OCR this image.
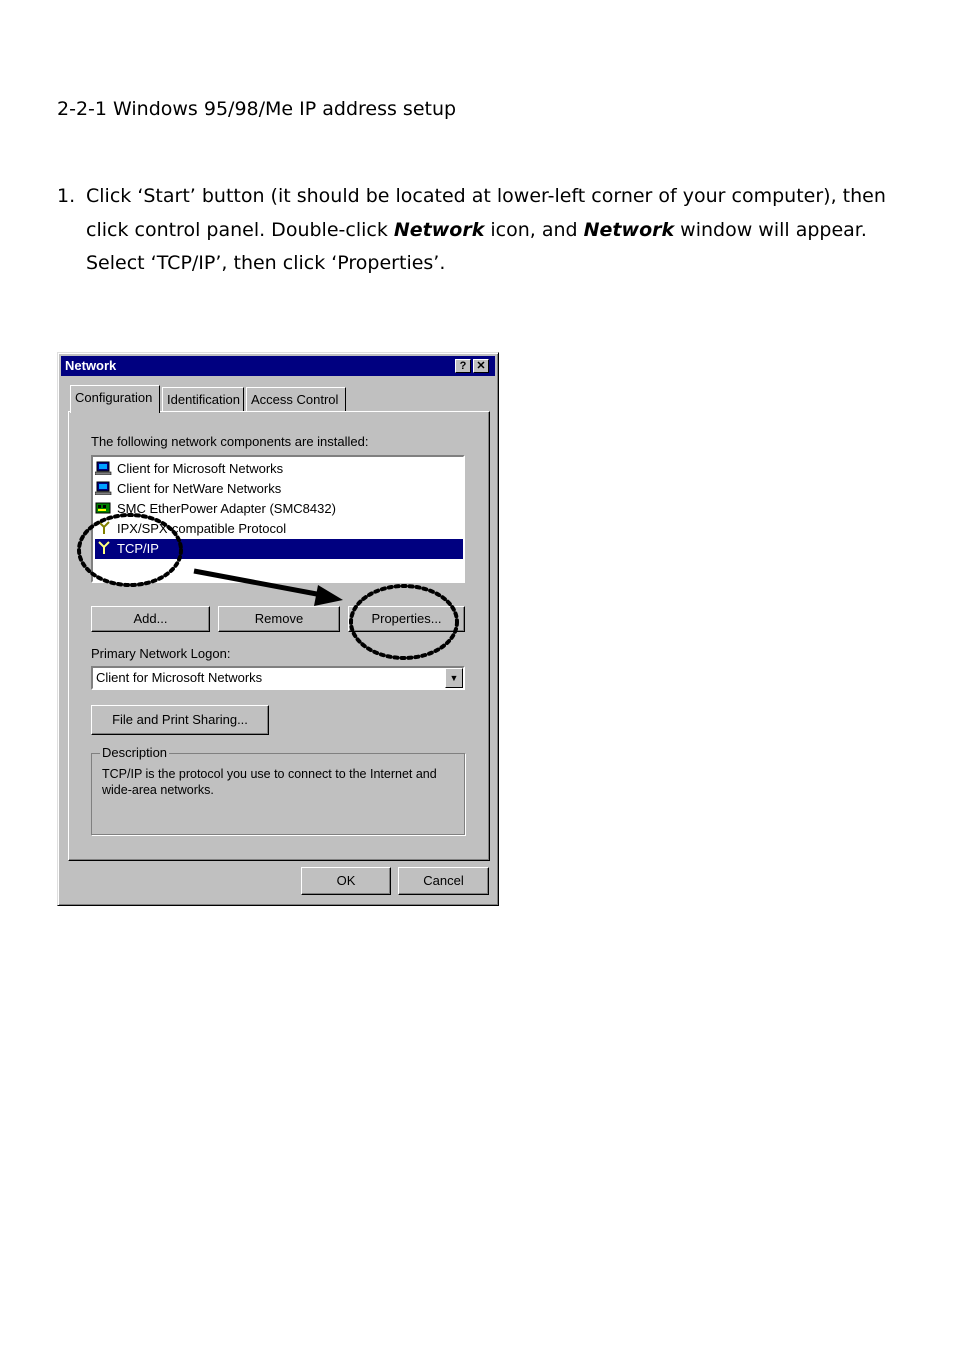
2-2-1 Windows 95/98/Me IP address setup
1. Click ‘Start’ button (it should be located at lower-left corner of your computer), then click control panel. Double-click Network icon, and Network window will appear. Select ‘TCP/IP’, then click ‘Properties’.
Network	? ✕
Configuration	Identification Access Control
The following network components are installed:
Client for Microsoft Networks
Client for NetWare Networks
SMC EtherPower Adapter (SMC8432)
IPX/SPX-compatible Protocol
TCP/IP
Add...	Remove	Properties...
Primary Network Logon:
Client for Microsoft Networks	▼
File and Print Sharing...
Description
TCP/IP is the protocol you use to connect to the Internet and wide-area networks.
OK	Cancel
